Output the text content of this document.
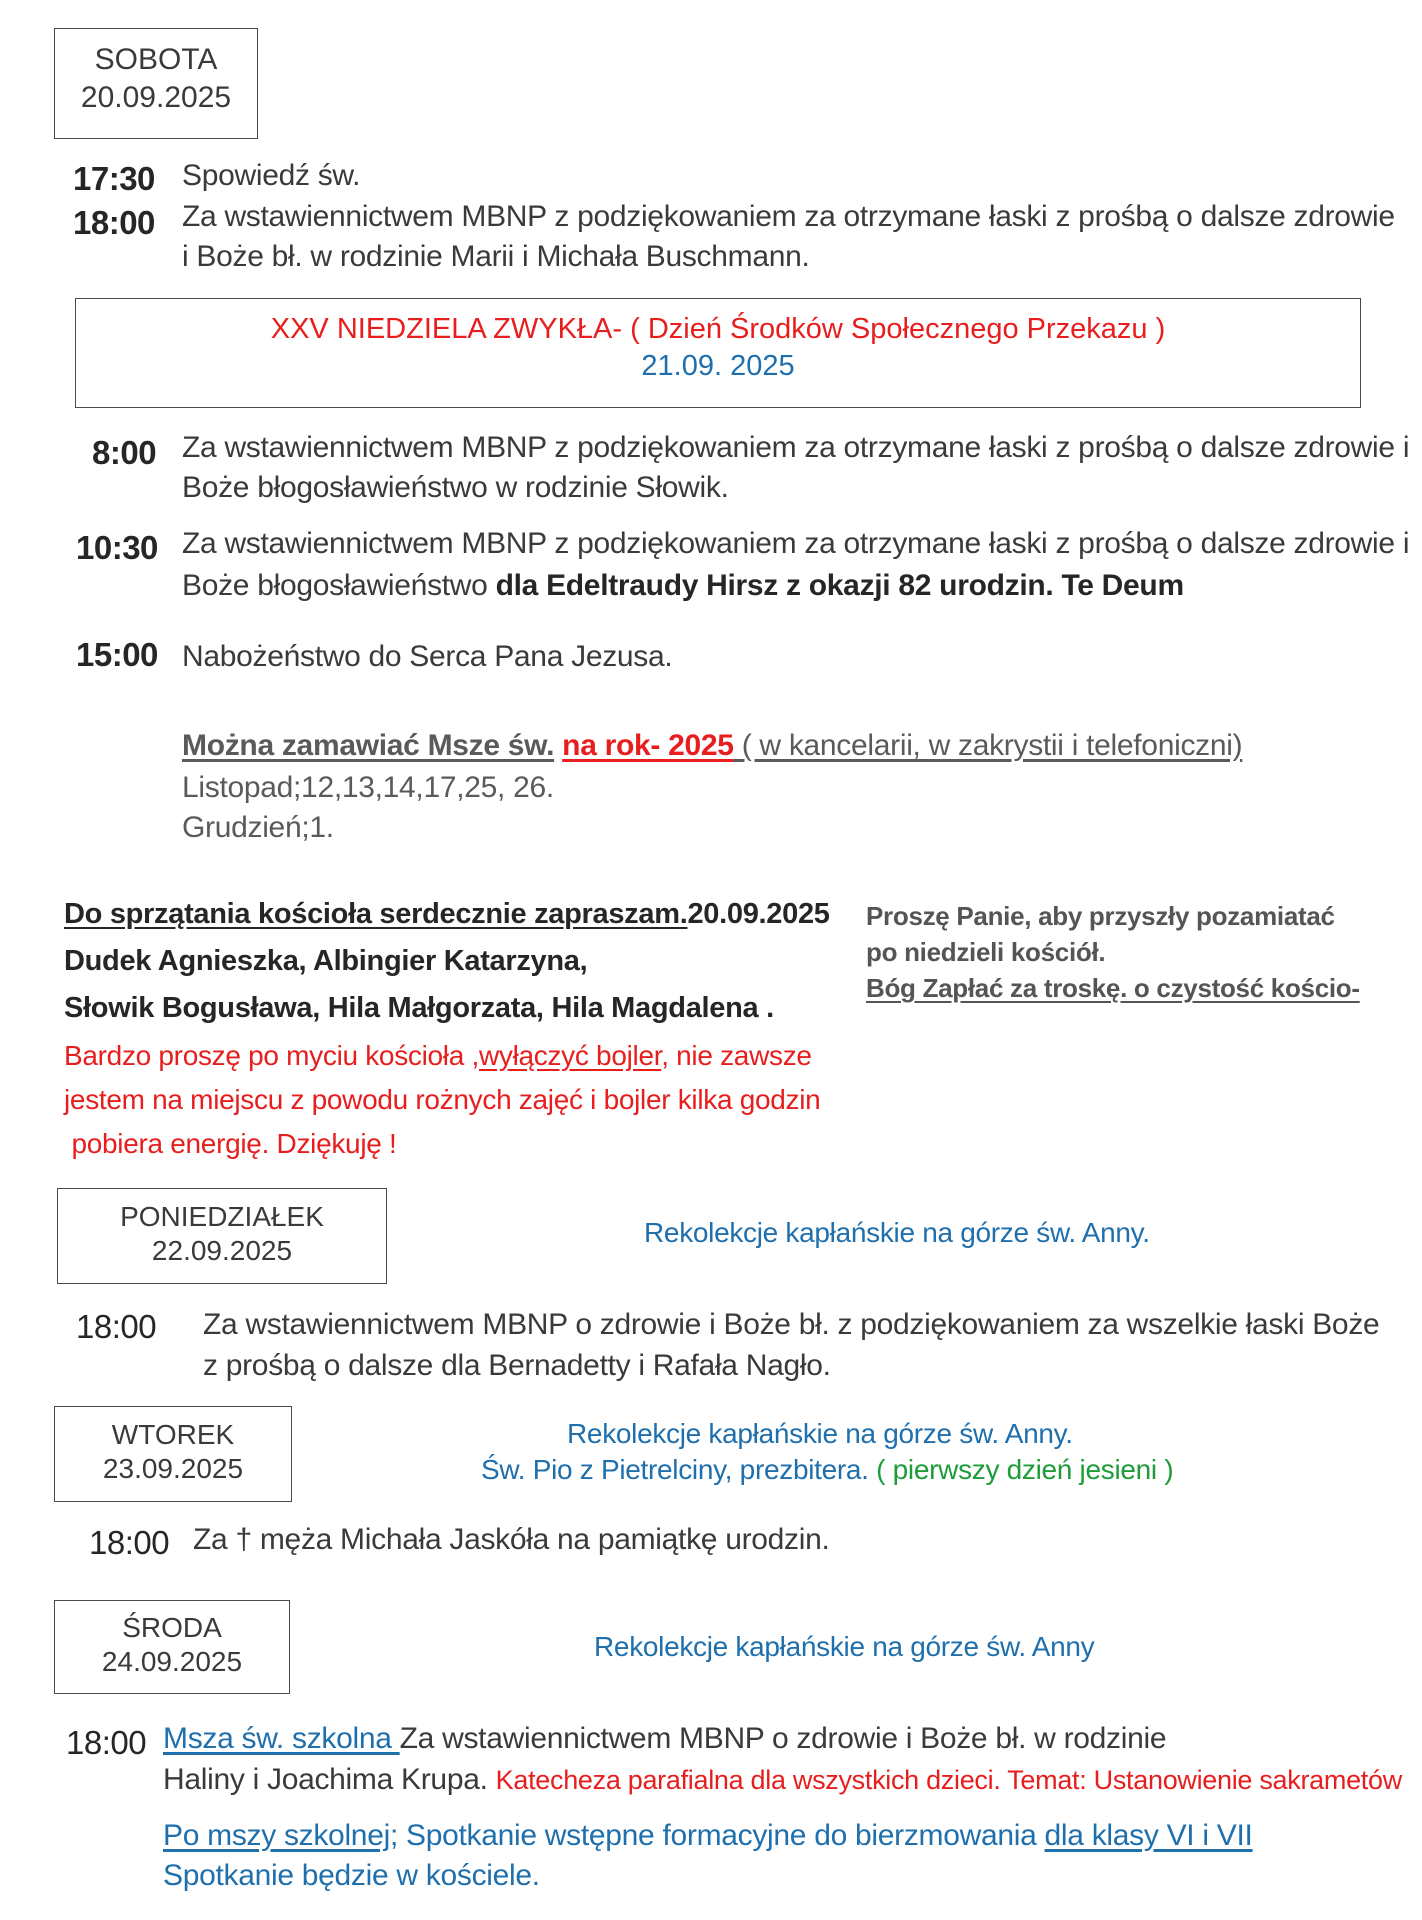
SOBOTA
20.09.2025
17:30 Spowiedź św.
18:00 Za wstawiennictwem MBNP z podziękowaniem za otrzymane łaski z prośbą o dalsze zdrowie
i Boże bł. w rodzinie Marii i Michała Buschmann.
XXV NIEDZIELA ZWYKŁA- ( Dzień Środków Społecznego Przekazu )
21.09. 2025
8:00 Za wstawiennictwem MBNP z podziękowaniem za otrzymane łaski z prośbą o dalsze zdrowie i
Boże błogosławieństwo w rodzinie Słowik.
10:30 Za wstawiennictwem MBNP z podziękowaniem za otrzymane łaski z prośbą o dalsze zdrowie i
Boże błogosławieństwo dla Edeltraudy Hirsz z okazji 82 urodzin. Te Deum
15:00 Nabożeństwo do Serca Pana Jezusa.
Można zamawiać Msze św. na rok- 2025 ( w kancelarii, w zakrystii i telefoniczni)
Listopad;12,13,14,17,25, 26.
Grudzień;1.
Do sprzątania kościoła serdecznie zapraszam.20.09.2025
Dudek Agnieszka, Albingier Katarzyna,
Słowik Bogusława, Hila Małgorzata, Hila Magdalena .
Bardzo proszę po myciu kościoła ,wyłączyć bojler, nie zawsze
jestem na miejscu z powodu rożnych zajęć i bojler kilka godzin
pobiera energię. Dziękuję !
Proszę Panie, aby przyszły pozamiatać
po niedzieli kościół.
Bóg Zapłać za troskę. o czystość kościo-
PONIEDZIAŁEK
22.09.2025
Rekolekcje kapłańskie na górze św. Anny.
18:00 Za wstawiennictwem MBNP o zdrowie i Boże bł. z podziękowaniem za wszelkie łaski Boże
z prośbą o dalsze dla Bernadetty i Rafała Nagło.
WTOREK
23.09.2025
Rekolekcje kapłańskie na górze św. Anny.
Św. Pio z Pietrelciny, prezbitera. ( pierwszy dzień jesieni )
18:00 Za † męża Michała Jaskóła na pamiątkę urodzin.
ŚRODA
24.09.2025	Rekolekcje kapłańskie na górze św. Anny
18:00 Msza św. szkolna Za wstawiennictwem MBNP o zdrowie i Boże bł. w rodzinie
Haliny i Joachima Krupa. Katecheza parafialna dla wszystkich dzieci. Temat: Ustanowienie sakrametów
Po mszy szkolnej; Spotkanie wstępne formacyjne do bierzmowania dla klasy VI i VII
Spotkanie będzie w kościele.
